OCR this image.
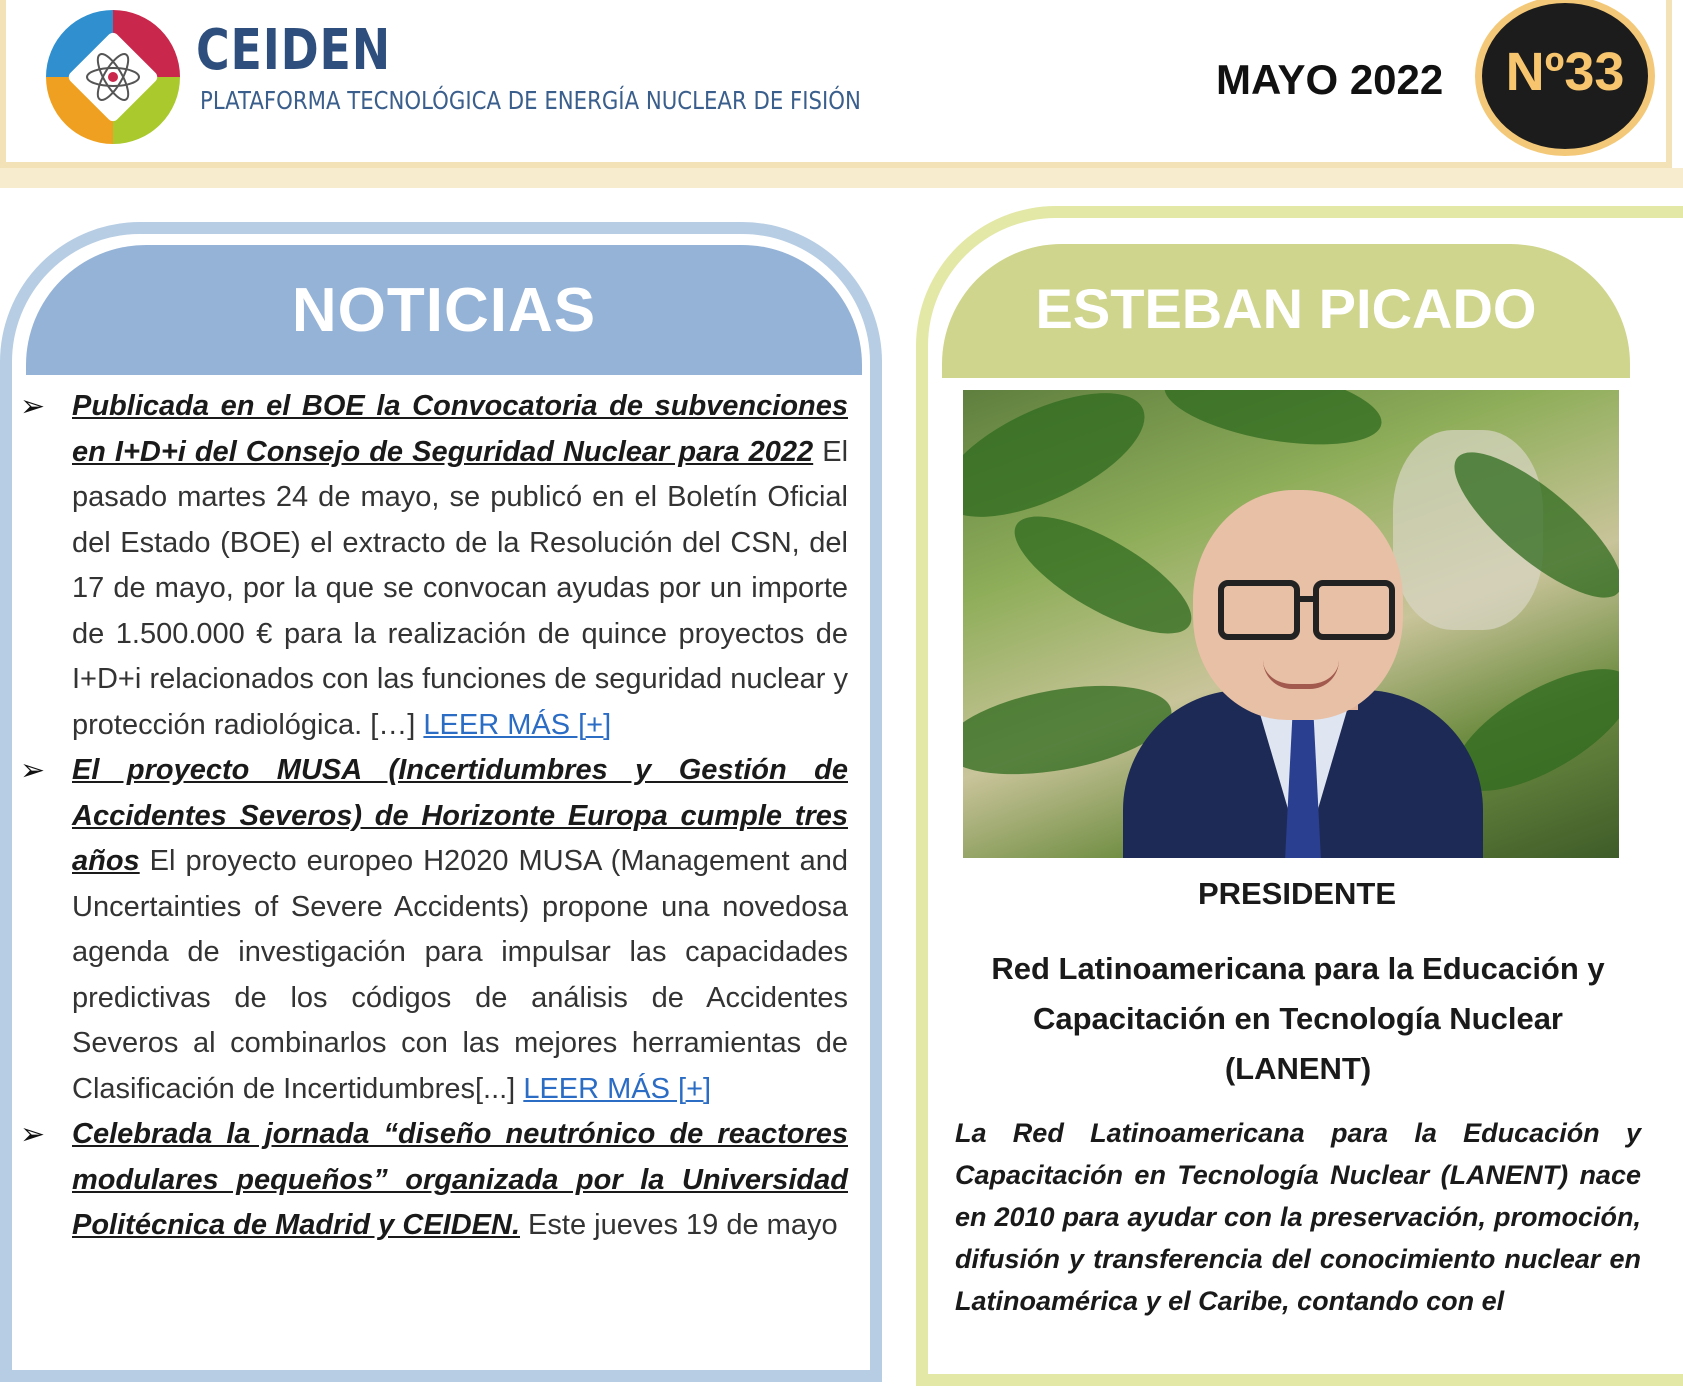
CEIDEN
PLATAFORMA TECNOLÓGICA DE ENERGÍA NUCLEAR DE FISIÓN	MAYO 2022	Nº33
NOTICIAS
➢ Publicada en el BOE la Convocatoria de subvenciones en I+D+i del Consejo de Seguridad Nuclear para 2022 El pasado martes 24 de mayo, se publicó en el Boletín Oficial del Estado (BOE) el extracto de la Resolución del CSN, del 17 de mayo, por la que se convocan ayudas por un importe de 1.500.000 € para la realización de quince proyectos de I+D+i relacionados con las funciones de seguridad nuclear y protección radiológica. […] LEER MÁS [+]
➢ El proyecto MUSA (Incertidumbres y Gestión de Accidentes Severos) de Horizonte Europa cumple tres años El proyecto europeo H2020 MUSA (Management and Uncertainties of Severe Accidents) propone una novedosa agenda de investigación para impulsar las capacidades predictivas de los códigos de análisis de Accidentes Severos al combinarlos con las mejores herramientas de Clasificación de Incertidumbres[...] LEER MÁS [+]
➢ Celebrada la jornada “diseño neutrónico de reactores modulares pequeños” organizada por la Universidad Politécnica de Madrid y CEIDEN. Este jueves 19 de mayo
ESTEBAN PICADO
PRESIDENTE
Red Latinoamericana para la Educación y Capacitación en Tecnología Nuclear (LANENT)
La Red Latinoamericana para la Educación y Capacitación en Tecnología Nuclear (LANENT) nace en 2010 para ayudar con la preservación, promoción, difusión y transferencia del conocimiento nuclear en Latinoamérica y el Caribe, contando con el
